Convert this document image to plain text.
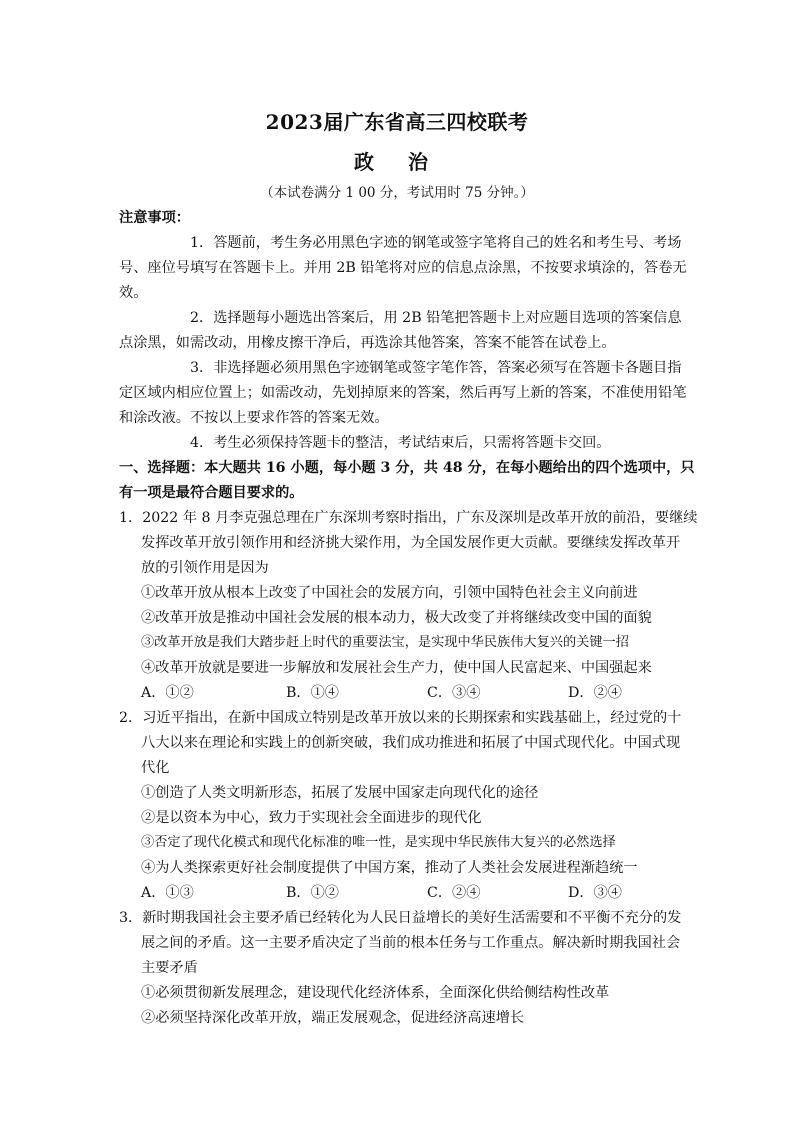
2023届广东省高三四校联考
政 治
（本试卷满分 1 00 分，考试用时 75 分钟。）
注意事项：
1．答题前，考生务必用黑色字迹的钢笔或签字笔将自己的姓名和考生号、考场
号、座位号填写在答题卡上。并用 2B 铅笔将对应的信息点涂黑，不按要求填涂的，答卷无
效。
2．选择题每小题选出答案后，用 2B 铅笔把答题卡上对应题目选项的答案信息
点涂黑，如需改动，用橡皮擦干净后，再选涂其他答案，答案不能答在试卷上。
3．非选择题必须用黑色字迹钢笔或签字笔作答，答案必须写在答题卡各题目指
定区域内相应位置上；如需改动，先划掉原来的答案，然后再写上新的答案，不准使用铅笔
和涂改液。不按以上要求作答的答案无效。
4．考生必须保持答题卡的整洁，考试结束后，只需将答题卡交回。
一、选择题：本大题共 16 小题，每小题 3 分，共 48 分，在每小题给出的四个选项中，只
有一项是最符合题目要求的。
1．2022 年 8 月李克强总理在广东深圳考察时指出，广东及深圳是改革开放的前沿，要继续
发挥改革开放引领作用和经济挑大梁作用，为全国发展作更大贡献。要继续发挥改革开
放的引领作用是因为
①改革开放从根本上改变了中国社会的发展方向，引领中国特色社会主义向前进
②改革开放是推动中国社会发展的根本动力，极大改变了并将继续改变中国的面貌
③改革开放是我们大踏步赶上时代的重要法宝，是实现中华民族伟大复兴的关键一招
④改革开放就是要进一步解放和发展社会生产力，使中国人民富起来、中国强起来
A．①②	B．①④	C．③④	D．②④
2．习近平指出，在新中国成立特别是改革开放以来的长期探索和实践基础上，经过党的十
八大以来在理论和实践上的创新突破，我们成功推进和拓展了中国式现代化。中国式现
代化
①创造了人类文明新形态，拓展了发展中国家走向现代化的途径
②是以资本为中心，致力于实现社会全面进步的现代化
③否定了现代化模式和现代化标准的唯一性，是实现中华民族伟大复兴的必然选择
④为人类探索更好社会制度提供了中国方案，推动了人类社会发展进程渐趋统一
A．①③	B．①②	C．②④	D．③④
3．新时期我国社会主要矛盾已经转化为人民日益增长的美好生活需要和不平衡不充分的发
展之间的矛盾。这一主要矛盾决定了当前的根本任务与工作重点。解决新时期我国社会
主要矛盾
①必须贯彻新发展理念，建设现代化经济体系，全面深化供给侧结构性改革
②必须坚持深化改革开放，端正发展观念，促进经济高速增长
